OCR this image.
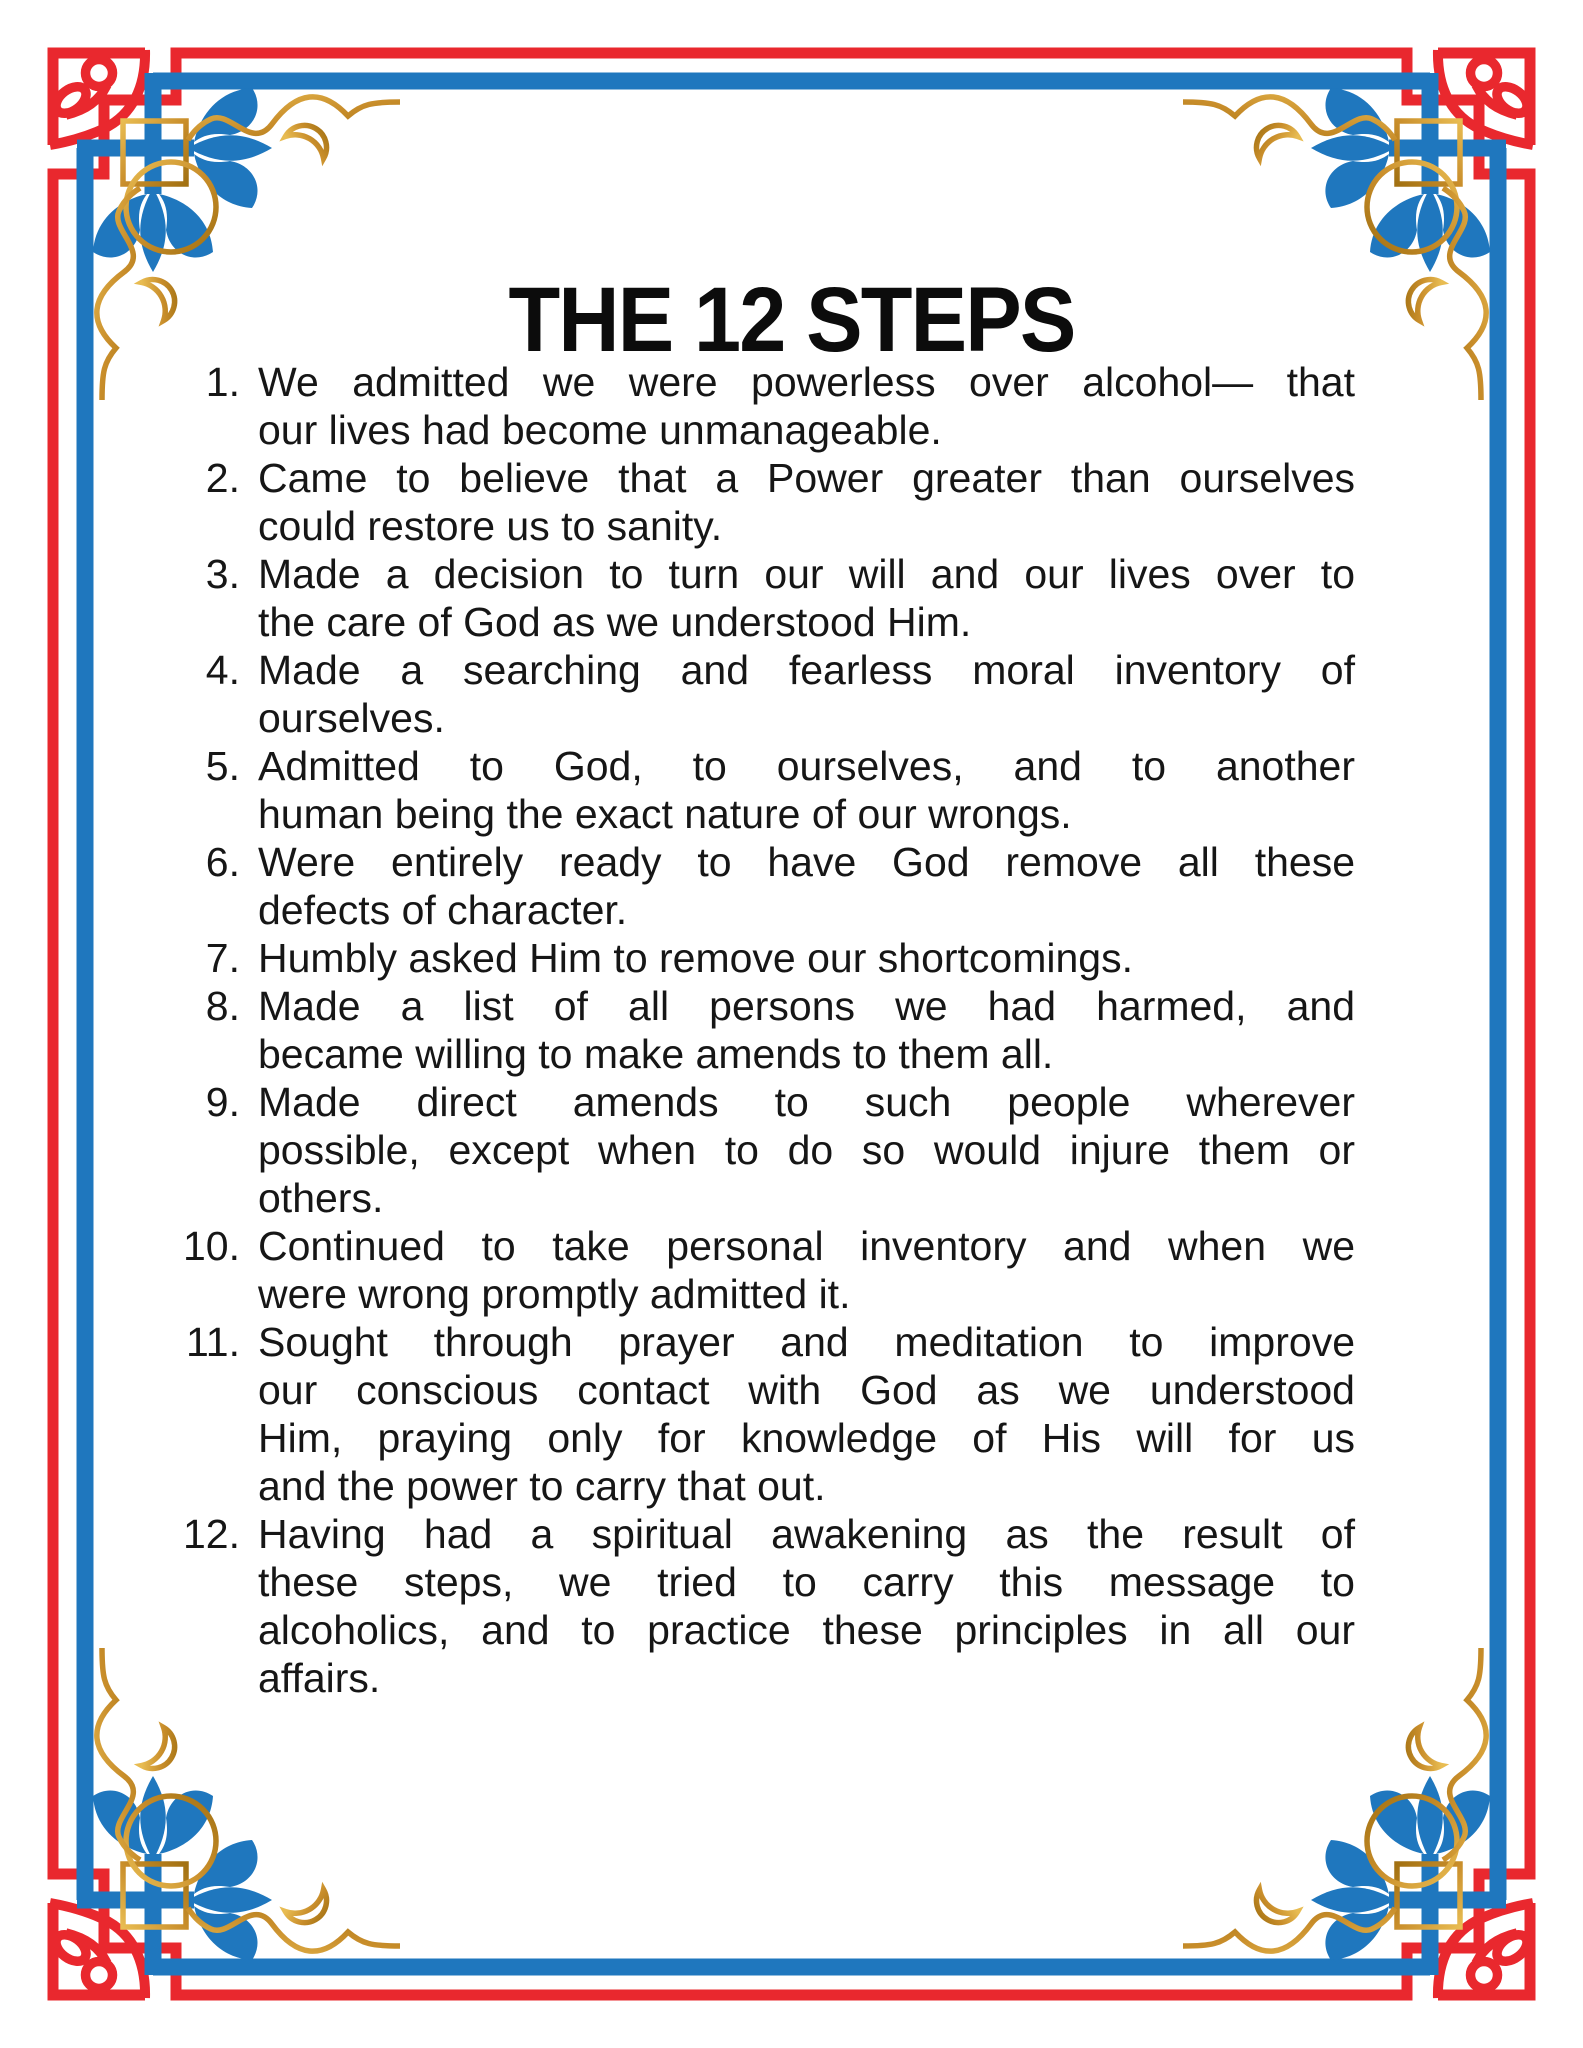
THE 12 STEPS
1. We admitted we were powerless over alcohol— that
our lives had become unmanageable.
2. Came to believe that a Power greater than ourselves
could restore us to sanity.
3. Made a decision to turn our will and our lives over to
the care of God as we understood Him.
4. Made a searching and fearless moral inventory of
ourselves.
5. Admitted to God, to ourselves, and to another
human being the exact nature of our wrongs.
6. Were entirely ready to have God remove all these
defects of character.
7. Humbly asked Him to remove our shortcomings.
8. Made a list of all persons we had harmed, and
became willing to make amends to them all.
9. Made direct amends to such people wherever
possible, except when to do so would injure them or
others.
10. Continued to take personal inventory and when we
were wrong promptly admitted it.
11. Sought through prayer and meditation to improve
our conscious contact with God as we understood
Him, praying only for knowledge of His will for us
and the power to carry that out.
12. Having had a spiritual awakening as the result of
these steps, we tried to carry this message to
alcoholics, and to practice these principles in all our
affairs.
